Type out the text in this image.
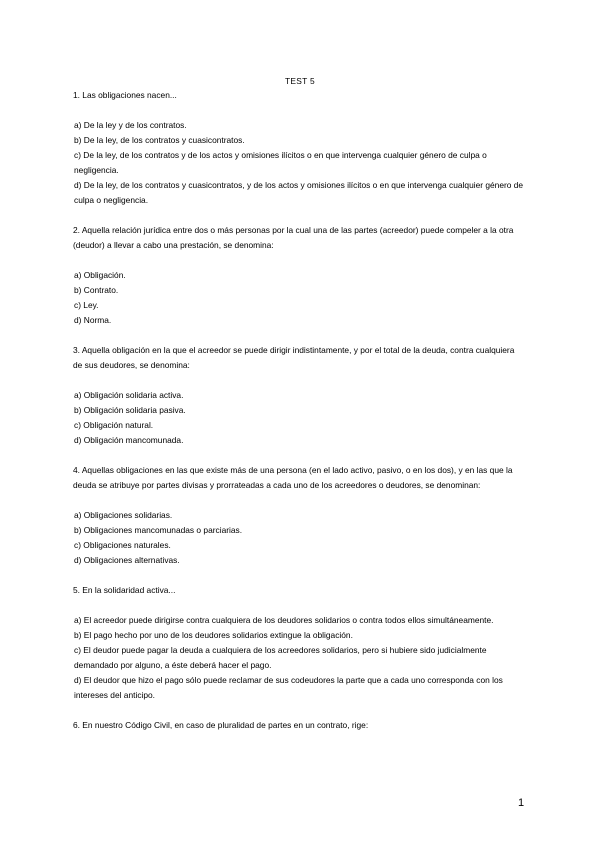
TEST 5

1. Las obligaciones nacen...

a) De la ley y de los contratos.
b) De la ley, de los contratos y cuasicontratos.
c) De la ley, de los contratos y de los actos y omisiones ilícitos o en que intervenga cualquier género de culpa o negligencia.
d) De la ley, de los contratos y cuasicontratos, y de los actos y omisiones ilícitos o en que intervenga cualquier género de culpa o negligencia.

2. Aquella relación jurídica entre dos o más personas por la cual una de las partes (acreedor) puede compeler a la otra (deudor) a llevar a cabo una prestación, se denomina:

a) Obligación.
b) Contrato.
c) Ley.
d) Norma.

3. Aquella obligación en la que el acreedor se puede dirigir indistintamente, y por el total de la deuda, contra cualquiera de sus deudores, se denomina:

a) Obligación solidaria activa.
b) Obligación solidaria pasiva.
c) Obligación natural.
d) Obligación mancomunada.

4. Aquellas obligaciones en las que existe más de una persona (en el lado activo, pasivo, o en los dos), y en las que la deuda se atribuye por partes divisas y prorrateadas a cada uno de los acreedores o deudores, se denominan:

a) Obligaciones solidarias.
b) Obligaciones mancomunadas o parciarias.
c) Obligaciones naturales.
d) Obligaciones alternativas.

5. En la solidaridad activa...

a) El acreedor puede dirigirse contra cualquiera de los deudores solidarios o contra todos ellos simultáneamente.
b) El pago hecho por uno de los deudores solidarios extingue la obligación.
c) El deudor puede pagar la deuda a cualquiera de los acreedores solidarios, pero si hubiere sido judicialmente demandado por alguno, a éste deberá hacer el pago.
d) El deudor que hizo el pago sólo puede reclamar de sus codeudores la parte que a cada uno corresponda con los intereses del anticipo.

6. En nuestro Código Civil, en caso de pluralidad de partes en un contrato, rige:

1
